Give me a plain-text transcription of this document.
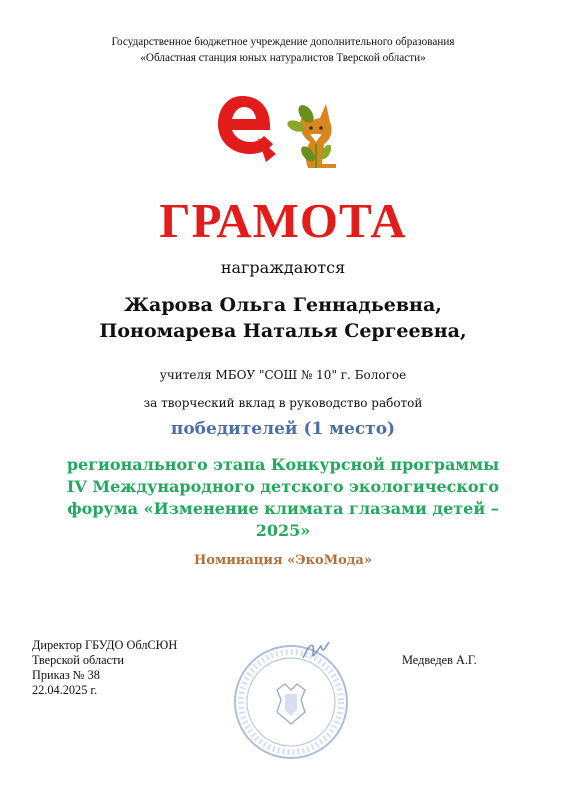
Государственное бюджетное учреждение дополнительного образования
«Областная станция юных натуралистов Тверской области»
ГРАМОТА
награждаются
Жарова Ольга Геннадьевна,
Пономарева Наталья Сергеевна,
учителя МБОУ "СОШ № 10" г. Бологое
за творческий вклад в руководство работой
победителей (1 место)
регионального этапа Конкурсной программы
IV Международного детского экологического
форума «Изменение климата глазами детей –
2025»
Номинация «ЭкоМода»
Директор ГБУДО ОблСЮН
Тверской области
Приказ № 38
22.04.2025 г.
Медведев А.Г.
